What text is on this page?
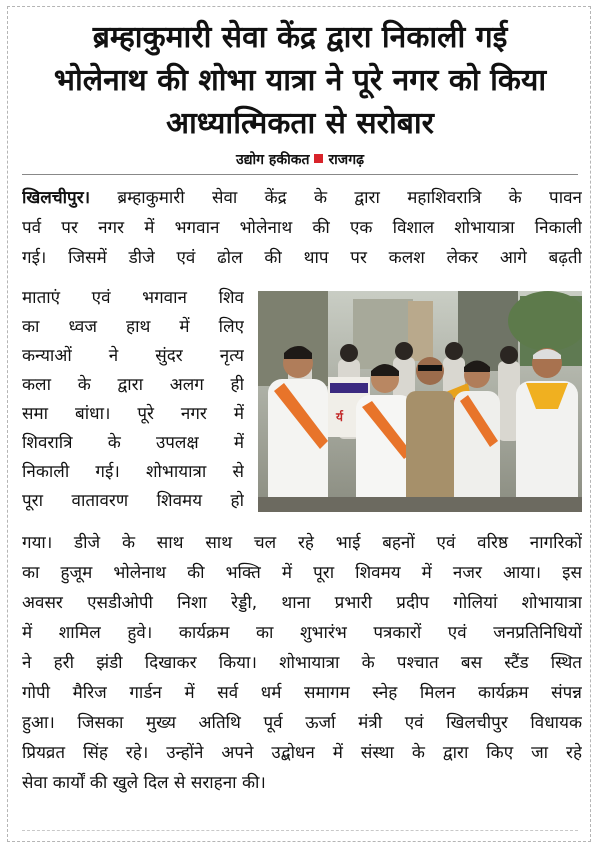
ब्रम्हाकुमारी सेवा केंद्र द्वारा निकाली गई
भोलेनाथ की शोभा यात्रा ने पूरे नगर को किया
आध्यात्मिकता से सरोबार
उद्योग हकीकत राजगढ़
खिलचीपुर। ब्रम्हाकुमारी सेवा केंद्र के द्वारा महाशिवरात्रि के पावन
पर्व पर नगर में भगवान भोलेनाथ की एक विशाल शोभायात्रा निकाली
गई। जिसमें डीजे एवं ढोल की थाप पर कलश लेकर आगे बढ़ती
माताएं एवं भगवान शिव
का ध्वज हाथ में लिए
कन्याओं ने सुंदर नृत्य
कला के द्वारा अलग ही
समा बांधा। पूरे नगर में
शिवरात्रि के उपलक्ष में
निकाली गई। शोभायात्रा से
पूरा वातावरण शिवमय हो
गया। डीजे के साथ साथ चल रहे भाई बहनों एवं वरिष्ठ नागरिकों
का हुजूम भोलेनाथ की भक्ति में पूरा शिवमय में नजर आया। इस
अवसर एसडीओपी निशा रेड्डी, थाना प्रभारी प्रदीप गोलियां शोभायात्रा
में शामिल हुवे। कार्यक्रम का शुभारंभ पत्रकारों एवं जनप्रतिनिधियों
ने हरी झंडी दिखाकर किया। शोभायात्रा के पश्चात बस स्टैंड स्थित
गोपी मैरिज गार्डन में सर्व धर्म समागम स्नेह मिलन कार्यक्रम संपन्न
हुआ। जिसका मुख्य अतिथि पूर्व ऊर्जा मंत्री एवं खिलचीपुर विधायक
प्रियव्रत सिंह रहे। उन्होंने अपने उद्बोधन में संस्था के द्वारा किए जा रहे
सेवा कार्यों की खुले दिल से सराहना की।
र्य
